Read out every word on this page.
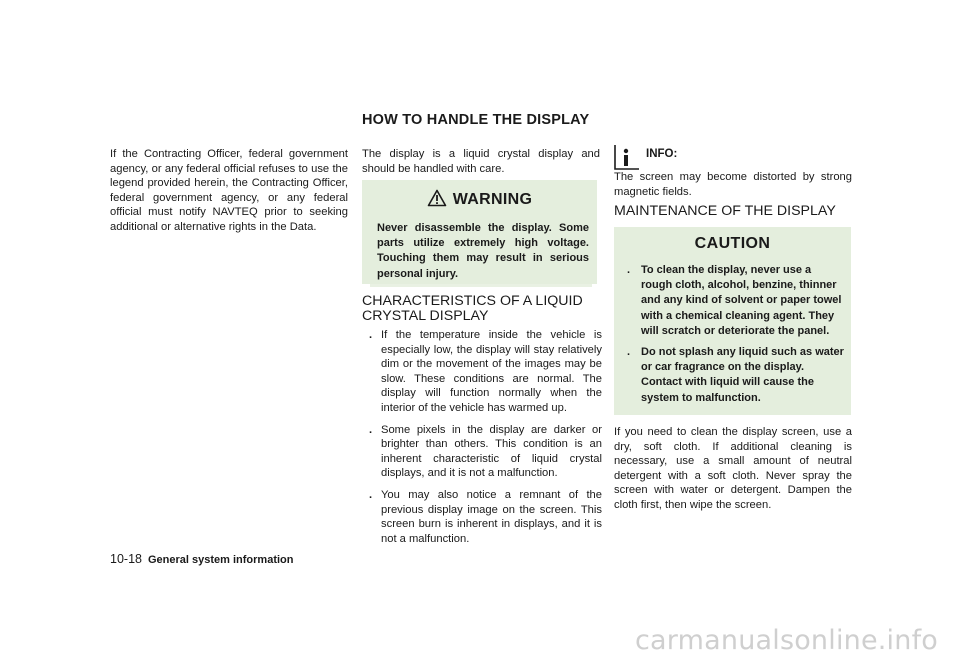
HOW TO HANDLE THE DISPLAY
If the Contracting Officer, federal government agency, or any federal official refuses to use the legend provided herein, the Contracting Officer, federal government agency, or any federal official must notify NAVTEQ prior to seeking additional or alternative rights in the Data.
The display is a liquid crystal display and should be handled with care.
WARNING
Never disassemble the display. Some parts utilize extremely high voltage. Touching them may result in serious personal injury.
CHARACTERISTICS OF A LIQUID CRYSTAL DISPLAY
. If the temperature inside the vehicle is especially low, the display will stay relatively dim or the movement of the images may be slow. These conditions are normal. The display will function normally when the interior of the vehicle has warmed up.
. Some pixels in the display are darker or brighter than others. This condition is an inherent characteristic of liquid crystal displays, and it is not a malfunction.
. You may also notice a remnant of the previous display image on the screen. This screen burn is inherent in displays, and it is not a malfunction.
INFO:
The screen may become distorted by strong magnetic fields.
MAINTENANCE OF THE DISPLAY
CAUTION
. To clean the display, never use a rough cloth, alcohol, benzine, thinner and any kind of solvent or paper towel with a chemical cleaning agent. They will scratch or deteriorate the panel.
. Do not splash any liquid such as water or car fragrance on the display. Contact with liquid will cause the system to malfunction.
If you need to clean the display screen, use a dry, soft cloth. If additional cleaning is necessary, use a small amount of neutral detergent with a soft cloth. Never spray the screen with water or detergent. Dampen the cloth first, then wipe the screen.
10-18 General system information
carmanualsonline.info
